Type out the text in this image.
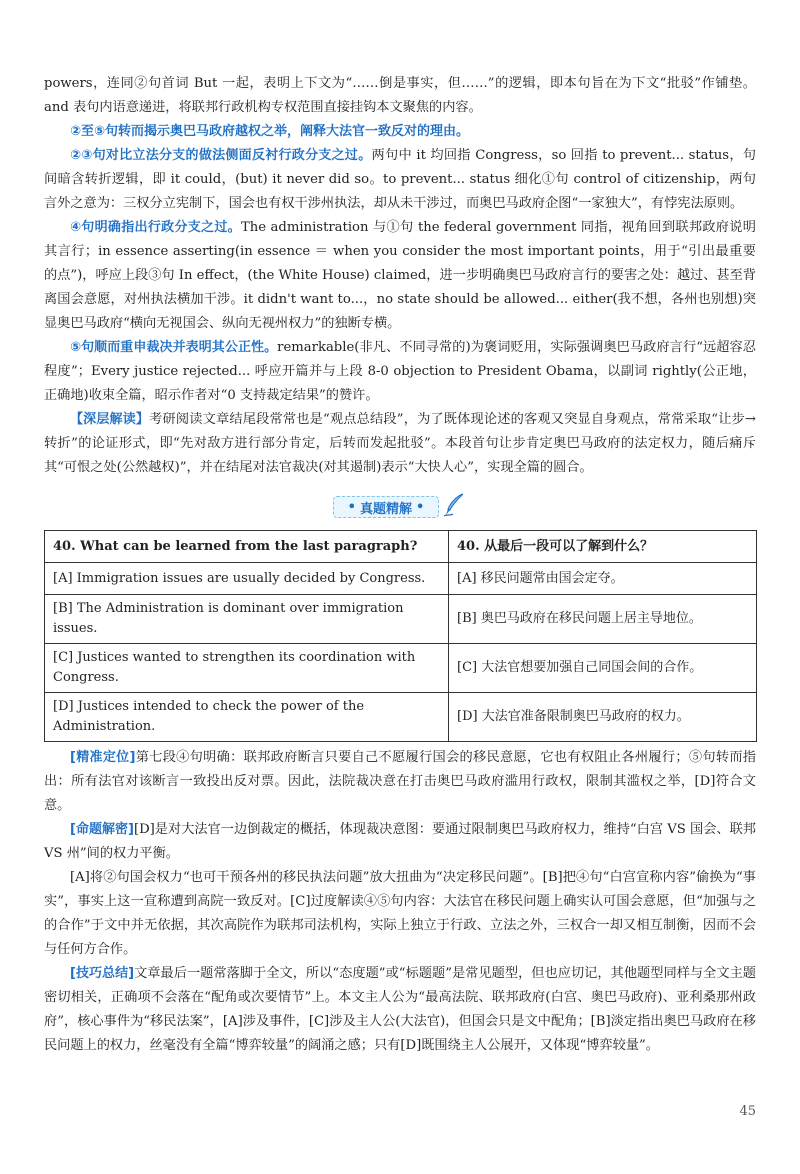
powers，连同②句首词 But 一起，表明上下文为“……倒是事实，但……”的逻辑，即本句旨在为下文“批驳”作铺垫。and 表句内语意递进，将联邦行政机构专权范围直接挂钩本文聚焦的内容。

②至⑤句转而揭示奥巴马政府越权之举，阐释大法官一致反对的理由。

②③句对比立法分支的做法侧面反衬行政分支之过。两句中 it 均回指 Congress，so 回指 to prevent... status，句间暗含转折逻辑，即 it could，(but) it never did so。to prevent... status 细化①句 control of citizenship，两句言外之意为：三权分立宪制下，国会也有权干涉州执法，却从未干涉过，而奥巴马政府企图“一家独大”，有悖宪法原则。

④句明确指出行政分支之过。The administration 与①句 the federal government 同指，视角回到联邦政府说明其言行；in essence asserting(in essence ＝ when you consider the most important points，用于“引出最重要的点”)，呼应上段③句 In effect，(the White House) claimed，进一步明确奥巴马政府言行的要害之处：越过、甚至背离国会意愿，对州执法横加干涉。it didn't want to...，no state should be allowed... either(我不想，各州也别想)突显奥巴马政府“横向无视国会、纵向无视州权力”的独断专横。

⑤句顺而重申裁决并表明其公正性。remarkable(非凡、不同寻常的)为褒词贬用，实际强调奥巴马政府言行“远超容忍程度”；Every justice rejected... 呼应开篇并与上段 8-0 objection to President Obama，以副词 rightly(公正地，正确地)收束全篇，昭示作者对“0 支持裁定结果”的赞许。

【深层解读】考研阅读文章结尾段常常也是“观点总结段”，为了既体现论述的客观又突显自身观点，常常采取“让步→转折”的论证形式，即“先对敌方进行部分肯定，后转而发起批驳”。本段首句让步肯定奥巴马政府的法定权力，随后痛斥其“可恨之处(公然越权)”，并在结尾对法官裁决(对其遏制)表示“大快人心”，实现全篇的圆合。

• 真题精解 •
40. What can be learned from the last paragraph?	40. 从最后一段可以了解到什么？
[A] Immigration issues are usually decided by Congress.	[A] 移民问题常由国会定夺。
[B] The Administration is dominant over immigration issues.	[B] 奥巴马政府在移民问题上居主导地位。
[C] Justices wanted to strengthen its coordination with Congress.	[C] 大法官想要加强自己同国会间的合作。
[D] Justices intended to check the power of the Administration.	[D] 大法官准备限制奥巴马政府的权力。

[精准定位]第七段④句明确：联邦政府断言只要自己不愿履行国会的移民意愿，它也有权阻止各州履行；⑤句转而指出：所有法官对该断言一致投出反对票。因此，法院裁决意在打击奥巴马政府滥用行政权，限制其滥权之举，[D]符合文意。

[命题解密][D]是对大法官一边倒裁定的概括，体现裁决意图：要通过限制奥巴马政府权力，维持“白宫 VS 国会、联邦 VS 州”间的权力平衡。

[A]将②句国会权力“也可干预各州的移民执法问题”放大扭曲为“决定移民问题”。[B]把④句“白宫宣称内容”偷换为“事实”，事实上这一宣称遭到高院一致反对。[C]过度解读④⑤句内容：大法官在移民问题上确实认可国会意愿，但“加强与之的合作”于文中并无依据，其次高院作为联邦司法机构，实际上独立于行政、立法之外，三权合一却又相互制衡，因而不会与任何方合作。

[技巧总结]文章最后一题常落脚于全文，所以“态度题”或“标题题”是常见题型，但也应切记，其他题型同样与全文主题密切相关，正确项不会落在“配角或次要情节”上。本文主人公为“最高法院、联邦政府(白宫、奥巴马政府)、亚利桑那州政府”，核心事件为“移民法案”，[A]涉及事件，[C]涉及主人公(大法官)，但国会只是文中配角；[B]淡定指出奥巴马政府在移民问题上的权力，丝毫没有全篇“博弈较量”的阔涌之感；只有[D]既围绕主人公展开，又体现“博弈较量”。

45
